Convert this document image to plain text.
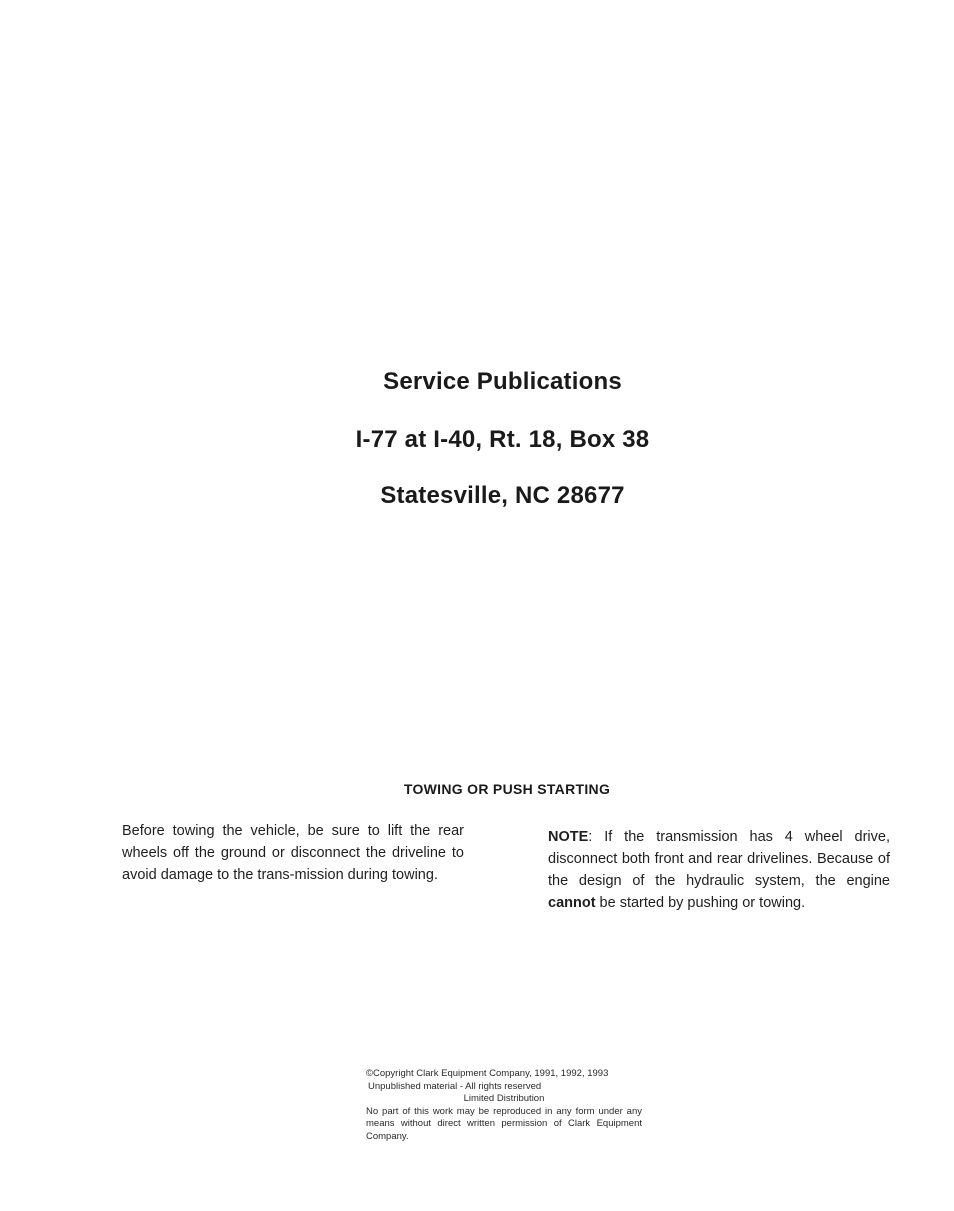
Service Publications
I-77 at I-40, Rt. 18, Box 38
Statesville, NC 28677
TOWING OR PUSH STARTING

Before towing the vehicle, be sure to lift the rear wheels off the ground or disconnect the driveline to avoid damage to the trans-mission during towing.

NOTE: If the transmission has 4 wheel drive, disconnect both front and rear drivelines. Because of the design of the hydraulic system, the engine cannot be started by pushing or towing.

©Copyright Clark Equipment Company, 1991, 1992, 1993
Unpublished material - All rights reserved
Limited Distribution
No part of this work may be reproduced in any form under any means without direct written permission of Clark Equipment Company.
